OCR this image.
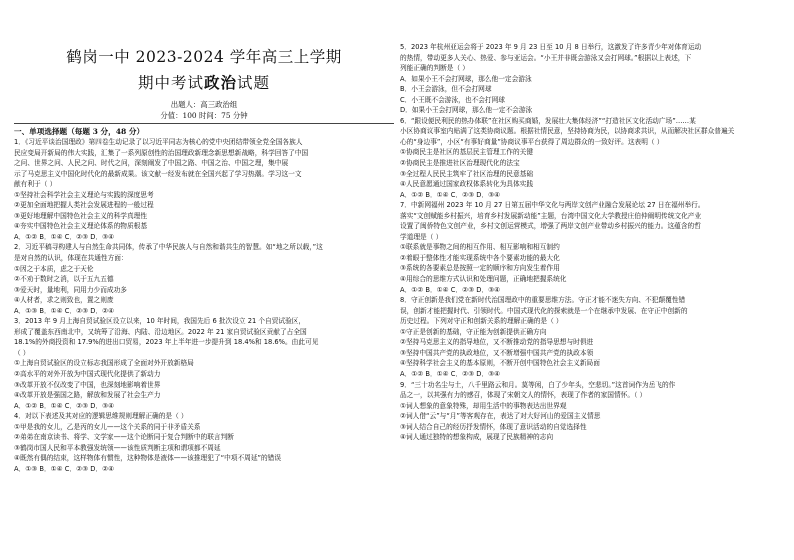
鹤岗一中 2023-2024 学年高三上学期
期中考试政治试题
出题人：高三政治组
分值：100 时间：75 分钟
一、单项选择题（每题 3 分，48 分）
1．《习近平谈治国理政》第四卷生动记录了以习近平同志为核心的党中央团结带领全党全国各族人
民应变局开新局的伟大实践，汇集了一系列原创性的治国理政新理念新思想新战略，科学回答了中国
之问、世界之问、人民之问、时代之问，深刻阐发了中国之路、中国之治、中国之理，集中展
示了马克思主义中国化时代化的最新成果。该文献一经发布就在全国兴起了学习热潮。学习这一文
献有利于（ ）
①坚持社会科学社会主义理论与实践的深度思考
②更加全面地把握人类社会发展进程的一般过程
③更好地理解中国特色社会主义的科学真理性
④夯实中国特色社会主义理论体系的物质根基
A．①② B．①④ C．②③ D．③④
2．习近平稿寻构建人与自然生命共同体，传承了中华民族人与自然和谐共生的智慧。如“地之所以载，”这
是对自然的认识，体现在共通性方面：
①因之于本质，虑之于天伦
②不劝于数时之消，以于五九五德
③爱天时，量地利，同用力少而成功多
④人材者，求之则致也，置之则废
A．①③ B．①④ C．②③ D．②④
3．2013 年 9 月上海自贸试验区设立以来，10 年时间，我国先后 6 批次设立 21 个自贸试验区，
形成了覆盖东西南北中，又统筹了沿海、内陆、沿边地区。2022 年 21 家自贸试验区贡献了占全国
18.1%的外商投资和 17.9%的进出口贸易，2023 年上半年进一步提升到 18.4%和 18.6%。由此可见
（ ）
①上海自贸试验区的设立标志我国形成了全面对外开放新格局
②高水平的对外开放为中国式现代化提供了新动力
③改革开放不仅改变了中国，也深刻地影响着世界
④改革开放是强国之路，解放和发展了社会生产力
A．①② B．①④ C．②③ D．③④
4．对以下表述及其对应的逻辑思维规则理解正确的是（ ）
①甲是我的女儿，乙是丙的女儿——这个关系的同于非矛盾关系
②弟弟在南京读书、将学、文学家——这个论断同于复合判断中的联言判断
③鹤岗市国人民和平本教强发统领——该性质判断主项和谓项都不周延
④既然有偶的结束，这样物体有惯性，这种物体是液体——该推理犯了“中项不周延”的错误
A．①③ B．①④ C．②③ D．②④
5．2023 年杭州亚运会将于 2023 年 9 月 23 日至 10 月 8 日举行，这激发了许多青少年对体育运动
的热情，带动更多人关心、热爱、参与亚运会。“小王并非既会游泳又会打网球。”根据以上表述，下
列能正确的判断是（ ）
A．如果小王不会打网球，那么他一定会游泳
B．小王会游泳，但不会打网球
C．小王既不会游泳，也不会打网球
D．如果小王会打网球，那么他一定不会游泳
6．“跟设便民利民的热办体联”在社区购买商婚，发展壮大集体经济”“打造社区文化活动广场”……某
小区协商议事室内贴满了这类协商议题。根据社情民意，坚持协商为民，以协商求共识，从而解决社区群众普遍关
心的“身边事”，小区“有事好商量”协商议事平台获得了周边群众的一致好评。这表明（ ）
①协商民主是社区的基层民主管理工作的关键
②协商民主是推进社区治理现代化的法宝
③全过程人民民主筑牢了社区治理的民意基础
④人民意愿通过国家政权体系转化为具体实践
A．①② B．①④ C．②③ D．③④
7．中新网福州 2023 年 10 月 27 日第五届中华文化与两岸文创产业融合发展论坛 27 日在福州举行。
落实“文创赋能乡村振兴，培育乡村发展新动能”主题，台湾中国文化大学教授庄伯仲阐明传统文化产业
设置了闽侨特色文创产业，乡村文创运营模式，增强了两岸文创产业带动乡村振兴的能力。这蕴含的哲
学道理是（ ）
①联系就是事物之间的相互作用、相互影响和相互制约
②着眼于整体性才能实现系统中各个要素功能的最大化
③系统的各要素总是按照一定的顺序和方向发生着作用
④用综合的思维方式认识和处理问题，正确地把握系统化
A．①② B．①④ C．②③ D．③④
8．守正创新是我们党在新时代治国理政中的重要思维方法。守正才能不迷失方向、不犯颠覆性错
误，创新才能把握时代、引领时代。中国式现代化的探索就是一个在继承中发展、在守正中创新的
历史过程。下列对守正和创新关系的理解正确的是（ ）
①守正是创新的基础，守正能为创新提供正确方向
②坚持马克思主义的指导地位，又不断推动党的指导思想与时俱进
③坚持中国共产党的执政地位，又不断增强中国共产党的执政本领
④坚持科学社会主义的基本原则，不断开创中国特色社会主义新局面
A．①② B．①④ C．②③ D．③④
9．“三十功名尘与土，八千里路云和月。莫等闲，白了少年头，空悲切。”这首词作为岳飞的作
品之一，以其强有力的感召，体现了宋朝文人的情怀，表现了作者的家国情怀。（ ）
①词人想象的意象特殊，却用生活中的事物表达出世界观
②词人借“云”与“月”等客观存在，表达了对大好河山的爱国主义情思
③词人结合自己的经历抒发情怀，体现了意识活动的自觉选择性
④词人通过独特的想象构成，展现了民族精神的志向
